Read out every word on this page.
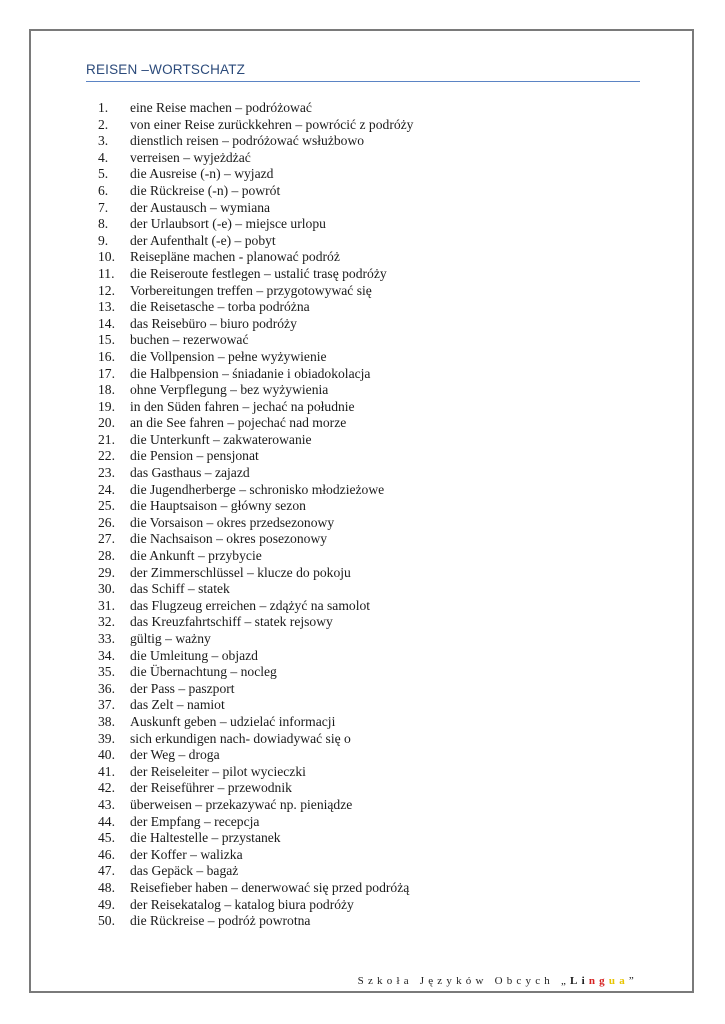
REISEN –WORTSCHATZ
1. eine Reise machen – podróżować
2. von einer Reise zurückkehren – powrócić z podróży
3. dienstlich reisen – podróżować wsłużbowo
4. verreisen – wyjeżdżać
5. die Ausreise (-n) – wyjazd
6. die Rückreise (-n) – powrót
7. der Austausch – wymiana
8. der Urlaubsort (-e) – miejsce urlopu
9. der Aufenthalt (-e) – pobyt
10. Reisepläne machen - planować podróż
11. die Reiseroute festlegen – ustalić trasę podróży
12. Vorbereitungen treffen – przygotowywać się
13. die Reisetasche – torba podróżna
14. das Reisebüro – biuro podróży
15. buchen – rezerwować
16. die Vollpension – pełne wyżywienie
17. die Halbpension – śniadanie i obiadokolacja
18. ohne Verpflegung – bez wyżywienia
19. in den Süden fahren – jechać na południe
20. an die See fahren – pojechać nad morze
21. die Unterkunft – zakwaterowanie
22. die Pension – pensjonat
23. das Gasthaus – zajazd
24. die Jugendherberge – schronisko młodzieżowe
25. die Hauptsaison – główny sezon
26. die Vorsaison – okres przedsezonowy
27. die Nachsaison – okres posezonowy
28. die Ankunft – przybycie
29. der Zimmerschlüssel – klucze do pokoju
30. das Schiff – statek
31. das Flugzeug erreichen – zdążyć na samolot
32. das Kreuzfahrtschiff – statek rejsowy
33. gültig – ważny
34. die Umleitung – objazd
35. die Übernachtung – nocleg
36. der Pass – paszport
37. das Zelt – namiot
38. Auskunft geben – udzielać informacji
39. sich erkundigen nach- dowiadywać się o
40. der Weg – droga
41. der Reiseleiter – pilot wycieczki
42. der Reiseführer – przewodnik
43. überweisen – przekazywać np. pieniądze
44. der Empfang – recepcja
45. die Haltestelle – przystanek
46. der Koffer – walizka
47. das Gepäck – bagaż
48. Reisefieber haben – denerwować się przed podróżą
49. der Reisekatalog – katalog biura podróży
50. die Rückreise – podróż powrotna
Szkoła Języków Obcych „Lingua”
